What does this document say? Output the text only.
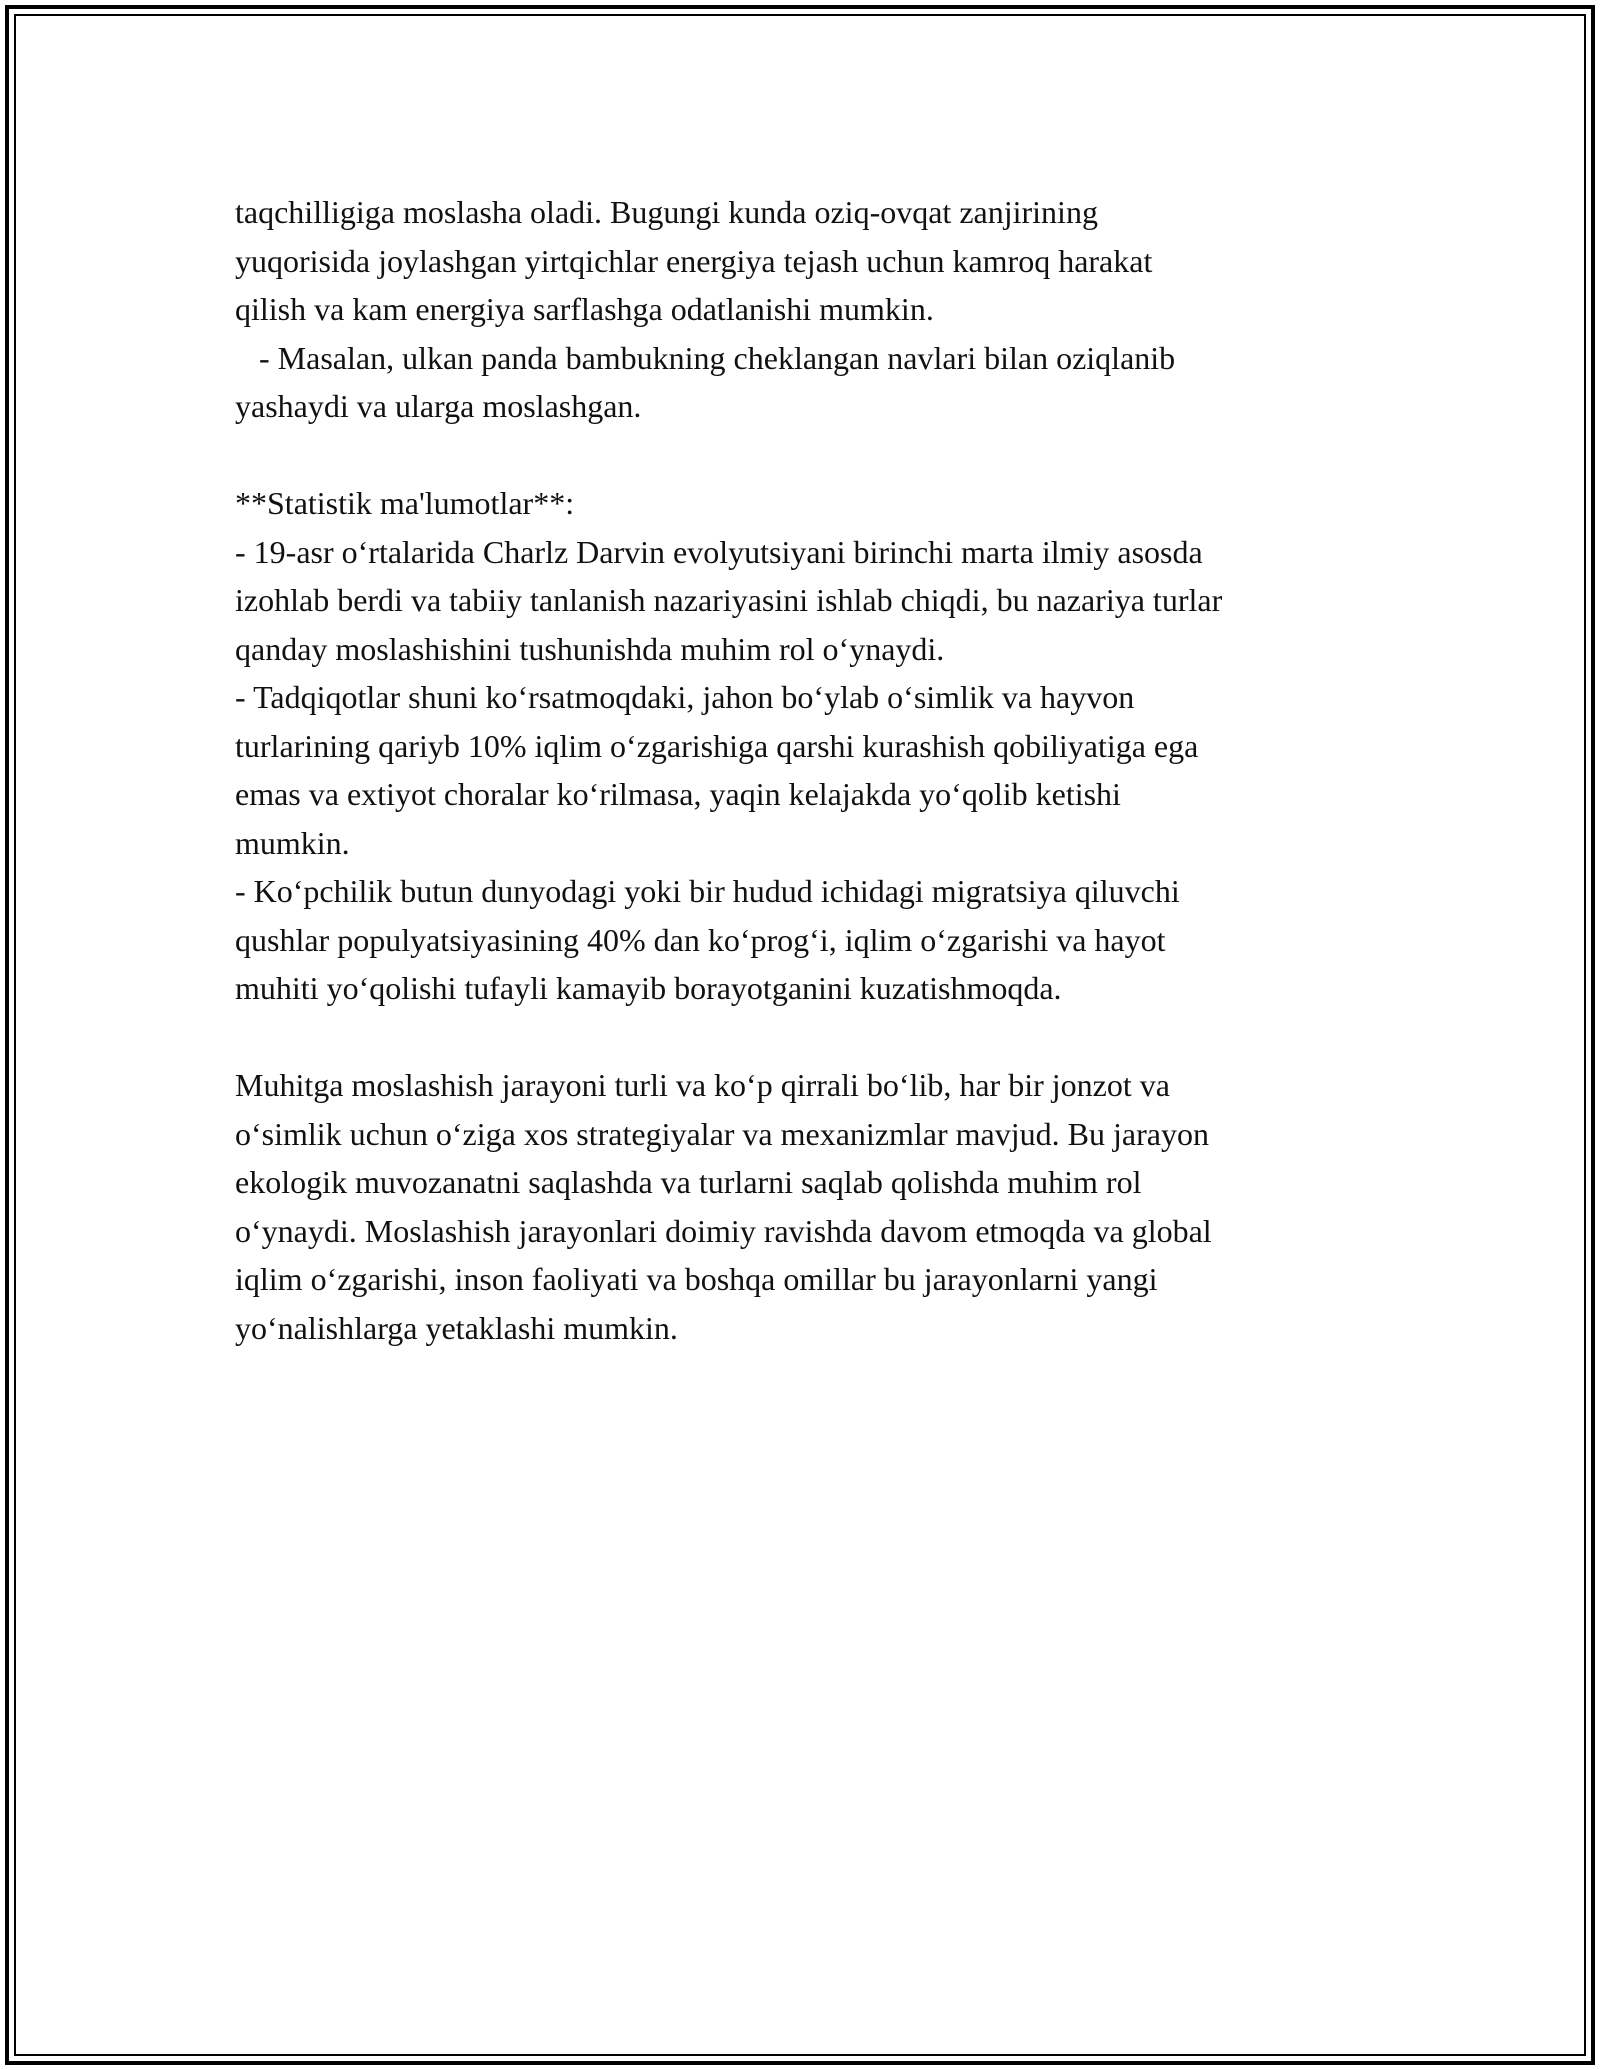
taqchilligiga moslasha oladi. Bugungi kunda oziq-ovqat zanjirining
yuqorisida joylashgan yirtqichlar energiya tejash uchun kamroq harakat
qilish va kam energiya sarflashga odatlanishi mumkin.
- Masalan, ulkan panda bambukning cheklangan navlari bilan oziqlanib
yashaydi va ularga moslashgan.
**Statistik ma'lumotlar**:
- 19-asr o‘rtalarida Charlz Darvin evolyutsiyani birinchi marta ilmiy asosda
izohlab berdi va tabiiy tanlanish nazariyasini ishlab chiqdi, bu nazariya turlar
qanday moslashishini tushunishda muhim rol o‘ynaydi.
- Tadqiqotlar shuni ko‘rsatmoqdaki, jahon bo‘ylab o‘simlik va hayvon
turlarining qariyb 10% iqlim o‘zgarishiga qarshi kurashish qobiliyatiga ega
emas va extiyot choralar ko‘rilmasa, yaqin kelajakda yo‘qolib ketishi
mumkin.
- Ko‘pchilik butun dunyodagi yoki bir hudud ichidagi migratsiya qiluvchi
qushlar populyatsiyasining 40% dan ko‘prog‘i, iqlim o‘zgarishi va hayot
muhiti yo‘qolishi tufayli kamayib borayotganini kuzatishmoqda.
Muhitga moslashish jarayoni turli va ko‘p qirrali bo‘lib, har bir jonzot va
o‘simlik uchun o‘ziga xos strategiyalar va mexanizmlar mavjud. Bu jarayon
ekologik muvozanatni saqlashda va turlarni saqlab qolishda muhim rol
o‘ynaydi. Moslashish jarayonlari doimiy ravishda davom etmoqda va global
iqlim o‘zgarishi, inson faoliyati va boshqa omillar bu jarayonlarni yangi
yo‘nalishlarga yetaklashi mumkin.
